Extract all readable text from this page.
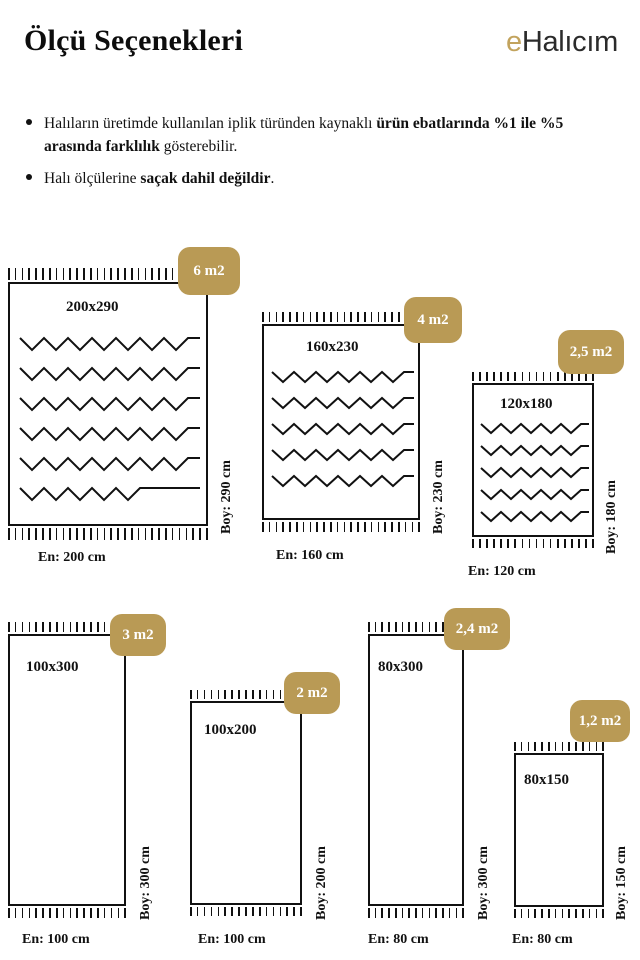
Ölçü Seçenekleri	eHalıcım
Halıların üretimde kullanılan iplik türünden kaynaklı ürün ebatlarında %1 ile %5 arasında farklılık gösterebilir.
Halı ölçülerine saçak dahil değildir.
200x290
En: 200 cm
Boy: 290 cm
6 m2
160x230
En: 160 cm
Boy: 230 cm
4 m2
120x180
En: 120 cm
Boy: 180 cm
2,5 m2
100x300
En: 100 cm
Boy: 300 cm
3 m2
100x200
En: 100 cm
Boy: 200 cm
2 m2
80x300
En: 80 cm
Boy: 300 cm
2,4 m2
80x150
En: 80 cm
Boy: 150 cm
1,2 m2
